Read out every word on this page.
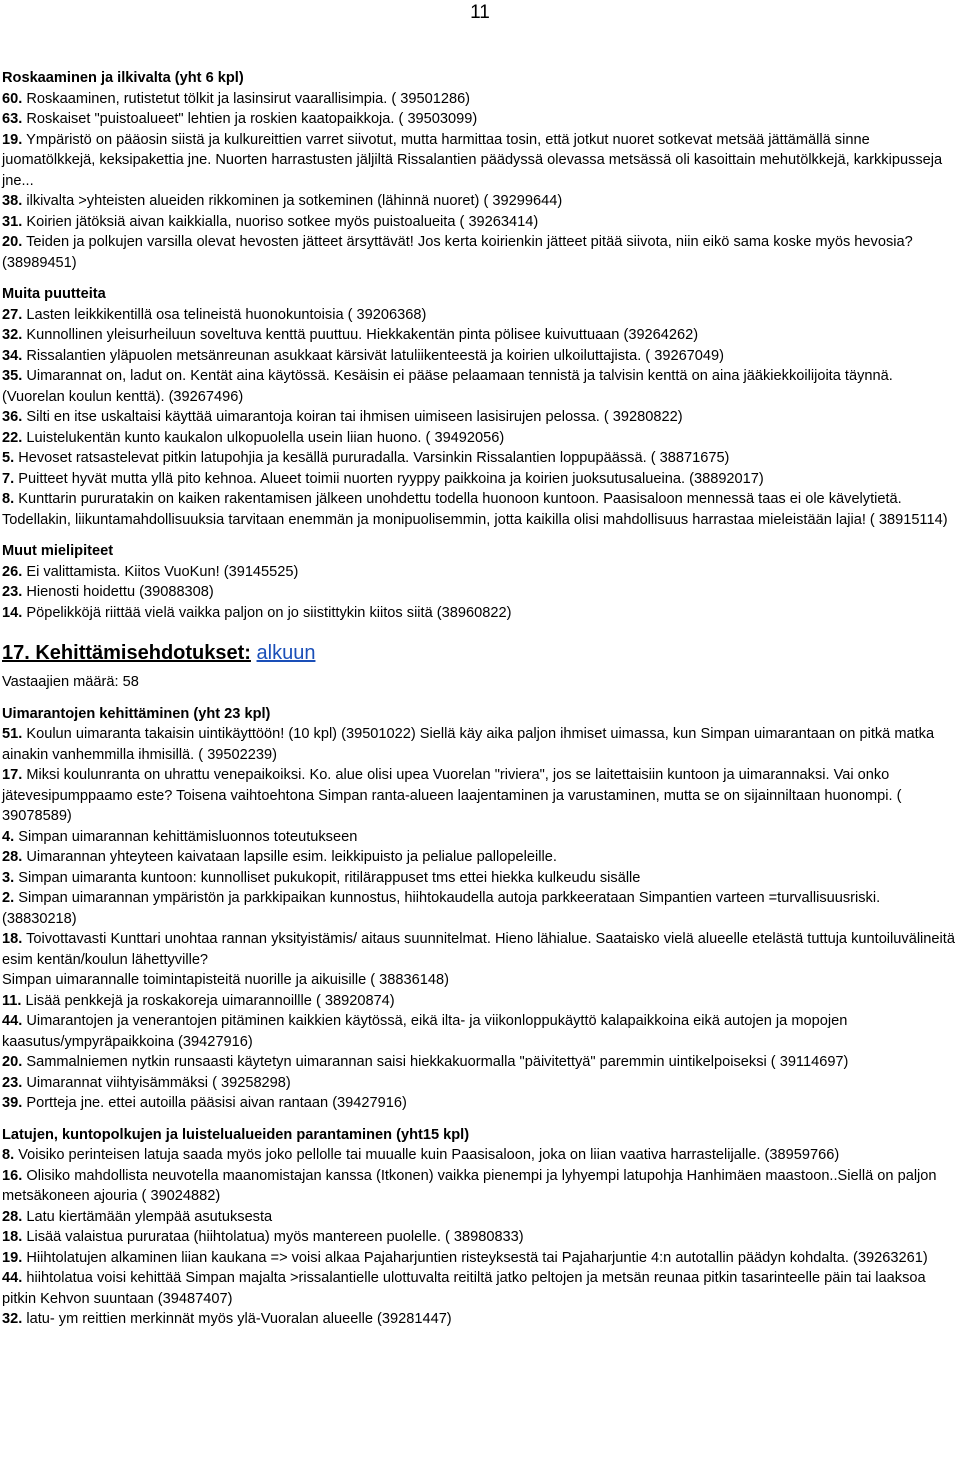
11

Roskaaminen ja ilkivalta (yht 6 kpl)

60. Roskaaminen, rutistetut tölkit ja lasinsirut vaarallisimpia. ( 39501286)

63. Roskaiset "puistoalueet" lehtien ja roskien kaatopaikkoja. ( 39503099)

19. Ympäristö on pääosin siistä ja kulkureittien varret siivotut, mutta harmittaa tosin, että jotkut nuoret sotkevat metsää jättämällä sinne juomatölkkejä, keksipakettia jne. Nuorten harrastusten jäljiltä Rissalantien päädyssä olevassa metsässä oli kasoittain mehutölkkejä, karkkipusseja jne...

38. ilkivalta >yhteisten alueiden rikkominen ja sotkeminen (lähinnä nuoret) ( 39299644)

31. Koirien jätöksiä aivan kaikkialla, nuoriso sotkee myös puistoalueita ( 39263414)

20. Teiden ja polkujen varsilla olevat hevosten jätteet ärsyttävät! Jos kerta koirienkin jätteet pitää siivota, niin eikö sama koske myös hevosia? (38989451)

Muita puutteita

27. Lasten leikkikentillä osa telineistä huonokuntoisia ( 39206368)

32. Kunnollinen yleisurheiluun soveltuva kenttä puuttuu. Hiekkakentän pinta pölisee kuivuttuaan (39264262)

34. Rissalantien yläpuolen metsänreunan asukkaat kärsivät latuliikenteestä ja koirien ulkoiluttajista. ( 39267049)

35. Uimarannat on, ladut on. Kentät aina käytössä. Kesäisin ei pääse pelaamaan tennistä ja talvisin kenttä on aina jääkiekkoilijoita täynnä. (Vuorelan koulun kenttä). (39267496)

36. Silti en itse uskaltaisi käyttää uimarantoja koiran tai ihmisen uimiseen lasisirujen pelossa. ( 39280822)

22. Luistelukentän kunto kaukalon ulkopuolella usein liian huono. ( 39492056)

5. Hevoset ratsastelevat pitkin latupohjia ja kesällä pururadalla. Varsinkin Rissalantien loppupäässä. ( 38871675)

7. Puitteet hyvät mutta yllä pito kehnoa. Alueet toimii nuorten ryyppy paikkoina ja koirien juoksutusalueina. (38892017)

8. Kunttarin pururatakin on kaiken rakentamisen jälkeen unohdettu todella huonoon kuntoon. Paasisaloon mennessä taas ei ole kävelytietä. Todellakin, liikuntamahdollisuuksia tarvitaan enemmän ja monipuolisemmin, jotta kaikilla olisi mahdollisuus harrastaa mieleistään lajia! ( 38915114)

Muut mielipiteet

26. Ei valittamista. Kiitos VuoKun! (39145525)

23. Hienosti hoidettu (39088308)

14. Pöpelikköjä riittää vielä vaikka paljon on jo siistittykin kiitos siitä (38960822)

17. Kehittämisehdotukset: alkuun

Vastaajien määrä: 58

Uimarantojen kehittäminen (yht 23 kpl)

51. Koulun uimaranta takaisin uintikäyttöön! (10 kpl) (39501022) Siellä käy aika paljon ihmiset uimassa, kun Simpan uimarantaan on pitkä matka ainakin vanhemmilla ihmisillä. ( 39502239)

17. Miksi koulunranta on uhrattu venepaikoiksi. Ko. alue olisi upea Vuorelan "riviera", jos se laitettaisiin kuntoon ja uimarannaksi. Vai onko jätevesipumppaamo este? Toisena vaihtoehtona Simpan ranta-alueen laajentaminen ja varustaminen, mutta se on sijainniltaan huonompi. ( 39078589)

4. Simpan uimarannan kehittämisluonnos toteutukseen

28. Uimarannan yhteyteen kaivataan lapsille esim. leikkipuisto ja pelialue pallopeleille.

3. Simpan uimaranta kuntoon: kunnolliset pukukopit, ritilärappuset tms ettei hiekka kulkeudu sisälle

2. Simpan uimarannan ympäristön ja parkkipaikan kunnostus, hiihtokaudella autoja parkkeerataan Simpantien varteen =turvallisuusriski. (38830218)

18. Toivottavasti Kunttari unohtaa rannan yksityistämis/ aitaus suunnitelmat. Hieno lähialue. Saataisko vielä alueelle etelästä tuttuja kuntoiluvälineitä esim kentän/koulun lähettyville?

Simpan uimarannalle toimintapisteitä nuorille ja aikuisille ( 38836148)

11. Lisää penkkejä ja roskakoreja uimarannoillle ( 38920874)

44. Uimarantojen ja venerantojen pitäminen kaikkien käytössä, eikä ilta- ja viikonloppukäyttö kalapaikkoina eikä autojen ja mopojen kaasutus/ympyräpaikkoina (39427916)

20. Sammalniemen nytkin runsaasti käytetyn uimarannan saisi hiekkakuormalla "päivitettyä" paremmin uintikelpoiseksi ( 39114697)

23. Uimarannat viihtyisämmäksi ( 39258298)

39. Portteja jne. ettei autoilla pääsisi aivan rantaan (39427916)

Latujen, kuntopolkujen ja luistelualueiden parantaminen (yht15 kpl)

8. Voisiko perinteisen latuja saada myös joko pellolle tai muualle kuin Paasisaloon, joka on liian vaativa harrastelijalle. (38959766)

16. Olisiko mahdollista neuvotella maanomistajan kanssa (Itkonen) vaikka pienempi ja lyhyempi latupohja Hanhimäen maastoon..Siellä on paljon metsäkoneen ajouria ( 39024882)

28. Latu kiertämään ylempää asutuksesta

18. Lisää valaistua pururataa (hiihtolatua) myös mantereen puolelle. ( 38980833)

19. Hiihtolatujen alkaminen liian kaukana => voisi alkaa Pajaharjuntien risteyksestä tai Pajaharjuntie 4:n autotallin päädyn kohdalta. (39263261)

44. hiihtolatua voisi kehittää Simpan majalta >rissalantielle ulottuvalta reitiltä jatko peltojen ja metsän reunaa pitkin tasarinteelle päin tai laaksoa pitkin Kehvon suuntaan (39487407)

32. latu- ym reittien merkinnät myös ylä-Vuoralan alueelle (39281447)
